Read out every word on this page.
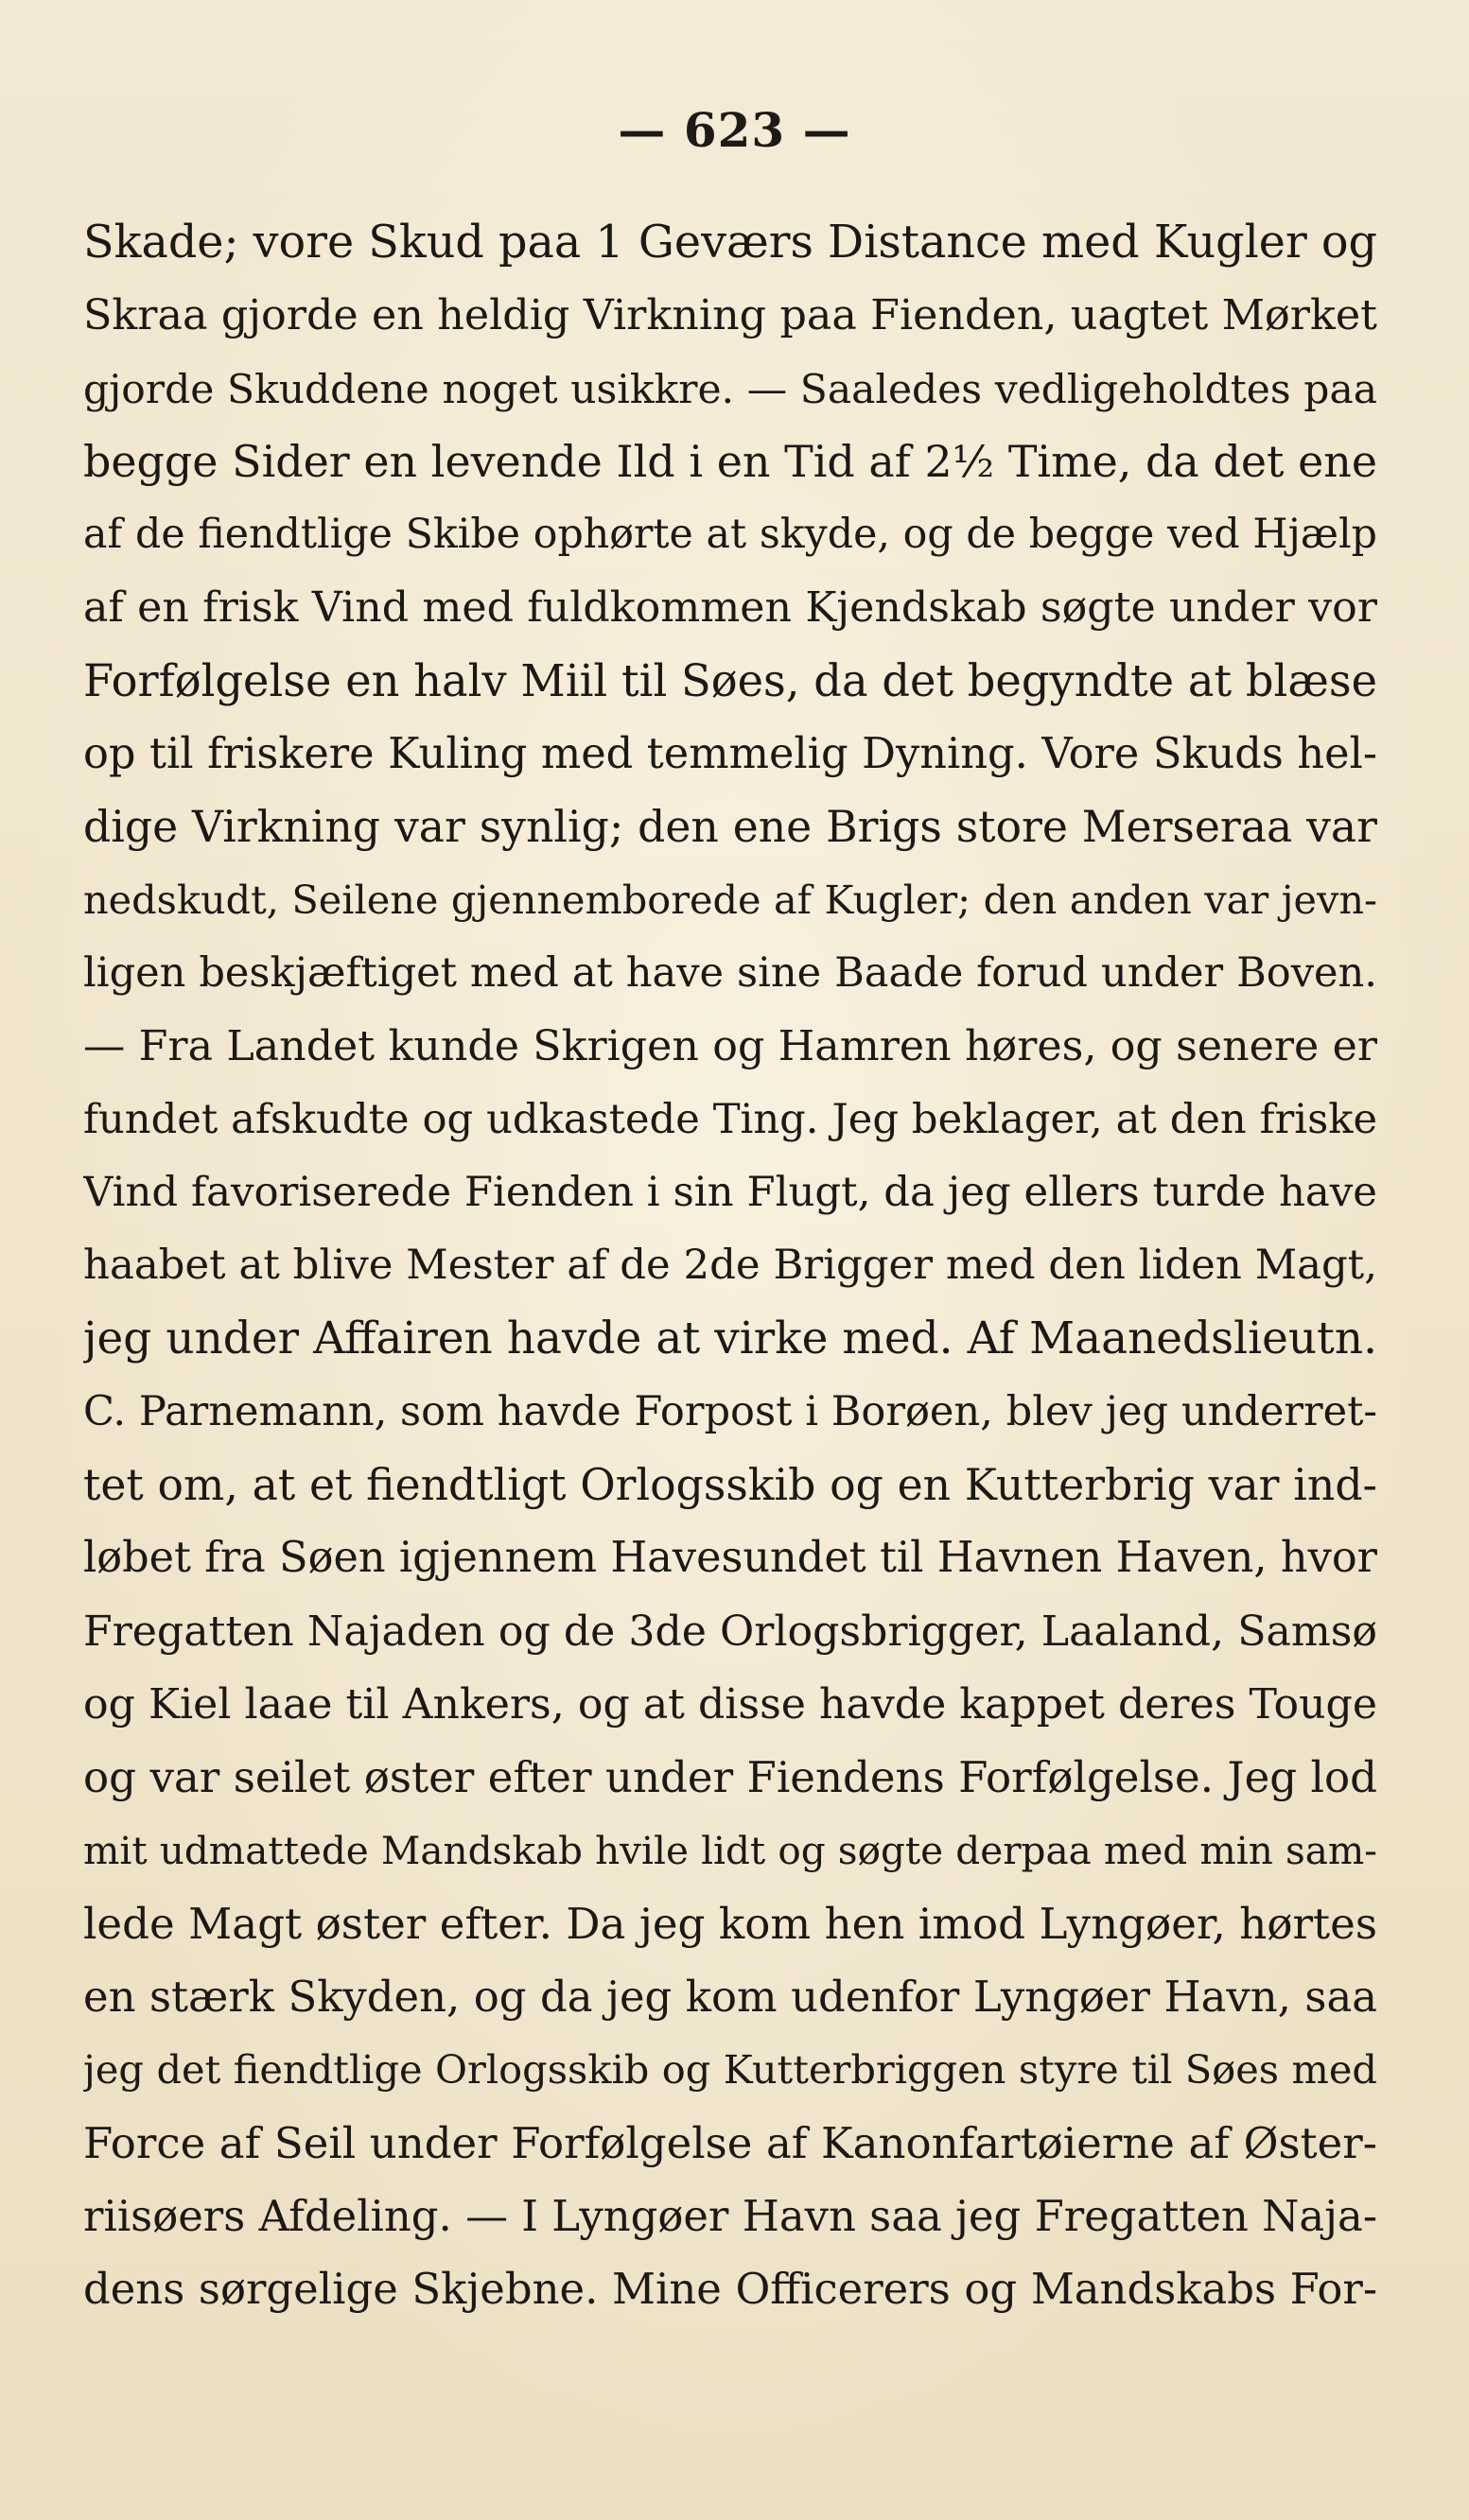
— 623 —
Skade; vore Skud paa 1 Geværs Distance med Kugler og
Skraa gjorde en heldig Virkning paa Fienden, uagtet Mørket
gjorde Skuddene noget usikkre. — Saaledes vedligeholdtes paa
begge Sider en levende Ild i en Tid af 2½ Time, da det ene
af de fiendtlige Skibe ophørte at skyde, og de begge ved Hjælp
af en frisk Vind med fuldkommen Kjendskab søgte under vor
Forfølgelse en halv Miil til Søes, da det begyndte at blæse
op til friskere Kuling med temmelig Dyning. Vore Skuds hel-
dige Virkning var synlig; den ene Brigs store Merseraa var
nedskudt, Seilene gjennemborede af Kugler; den anden var jevn-
ligen beskjæftiget med at have sine Baade forud under Boven.
— Fra Landet kunde Skrigen og Hamren høres, og senere er
fundet afskudte og udkastede Ting. Jeg beklager, at den friske
Vind favoriserede Fienden i sin Flugt, da jeg ellers turde have
haabet at blive Mester af de 2de Brigger med den liden Magt,
jeg under Affairen havde at virke med. Af Maanedslieutn.
C. Parnemann, som havde Forpost i Borøen, blev jeg underret-
tet om, at et fiendtligt Orlogsskib og en Kutterbrig var ind-
løbet fra Søen igjennem Havesundet til Havnen Haven, hvor
Fregatten Najaden og de 3de Orlogsbrigger, Laaland, Samsø
og Kiel laae til Ankers, og at disse havde kappet deres Touge
og var seilet øster efter under Fiendens Forfølgelse. Jeg lod
mit udmattede Mandskab hvile lidt og søgte derpaa med min sam-
lede Magt øster efter. Da jeg kom hen imod Lyngøer, hørtes
en stærk Skyden, og da jeg kom udenfor Lyngøer Havn, saa
jeg det fiendtlige Orlogsskib og Kutterbriggen styre til Søes med
Force af Seil under Forfølgelse af Kanonfartøierne af Øster-
riisøers Afdeling. — I Lyngøer Havn saa jeg Fregatten Naja-
dens sørgelige Skjebne. Mine Officerers og Mandskabs For-
